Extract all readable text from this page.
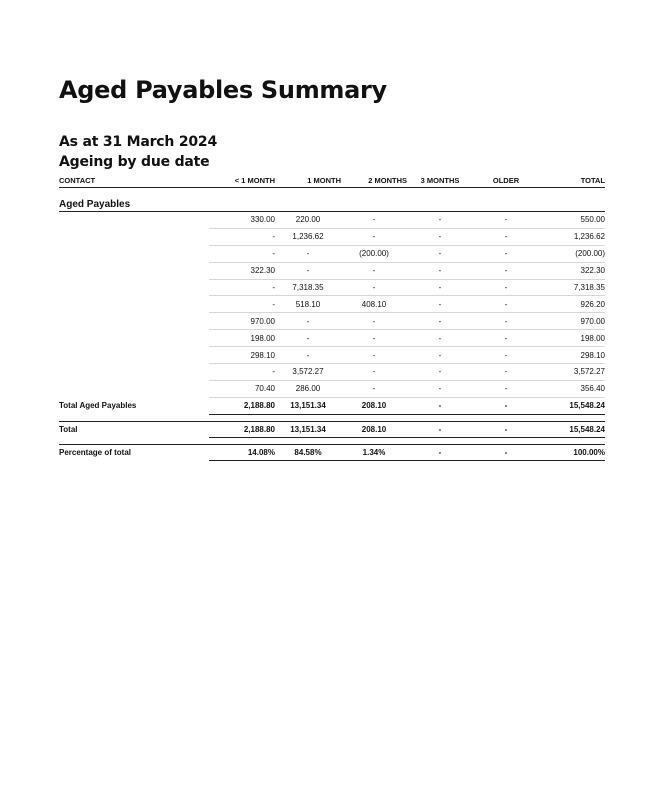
Aged Payables Summary
As at 31 March 2024
Ageing by due date
CONTACT	< 1 MONTH	1 MONTH	2 MONTHS	3 MONTHS	OLDER	TOTAL
Aged Payables						
	330.00	220.00	-	-	-	550.00
	-	1,236.62	-	-	-	1,236.62
	-	-	(200.00)	-	-	(200.00)
	322.30	-	-	-	-	322.30
	-	7,318.35	-	-	-	7,318.35
	-	518.10	408.10	-	-	926.20
	970.00	-	-	-	-	970.00
	198.00	-	-	-	-	198.00
	298.10	-	-	-	-	298.10
	-	3,572.27	-	-	-	3,572.27
	70.40	286.00	-	-	-	356.40
Total Aged Payables	2,188.80	13,151.34	208.10	-	-	15,548.24

Total	2,188.80	13,151.34	208.10	-	-	15,548.24

Percentage of total	14.08%	84.58%	1.34%	-	-	100.00%
